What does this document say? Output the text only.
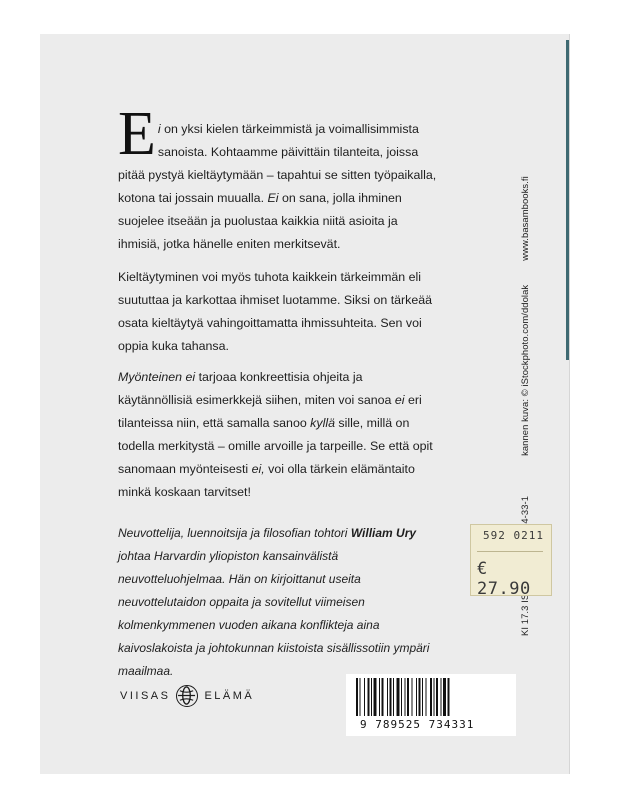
Ei on yksi kielen tärkeimmistä ja voimallisimmista sanoista. Kohtaamme päivittäin tilanteita, joissa pitää pystyä kieltäytymään – tapahtui se sitten työpaikalla, kotona tai jossain muualla. Ei on sana, jolla ihminen suojelee itseään ja puolustaa kaikkia niitä asioita ja ihmisiä, jotka hänelle eniten merkitsevät.

Kieltäytyminen voi myös tuhota kaikkein tärkeimmän eli suututtaa ja karkottaa ihmiset luotamme. Siksi on tärkeää osata kieltäytyä vahingoittamatta ihmissuhteita. Sen voi oppia kuka tahansa.

Myönteinen ei tarjoaa konkreettisia ohjeita ja käytännöllisiä esimerkkejä siihen, miten voi sanoa ei eri tilanteissa niin, että samalla sanoo kyllä sille, millä on todella merkitystä – omille arvoille ja tarpeille. Se että opit sanomaan myönteisesti ei, voi olla tärkein elämäntaito minkä koskaan tarvitset!

Neuvottelija, luennoitsija ja filosofian tohtori William Ury johtaa Harvardin yliopiston kansainvälistä neuvotteluohjelmaa. Hän on kirjoittanut useita neuvottelutaidon oppaita ja sovitellut viimeisen kolmenkymmenen vuoden aikana konflikteja aina kaivoslakoista ja johtokunnan kiistoista sisällissotiin ympäri maailmaa.

kannen kuva: © iStockphoto.com/ddolakwww.basambooks.fi
592 0211
€ 27.90
VIISAS	ELÄMÄ
9 789525 734331
